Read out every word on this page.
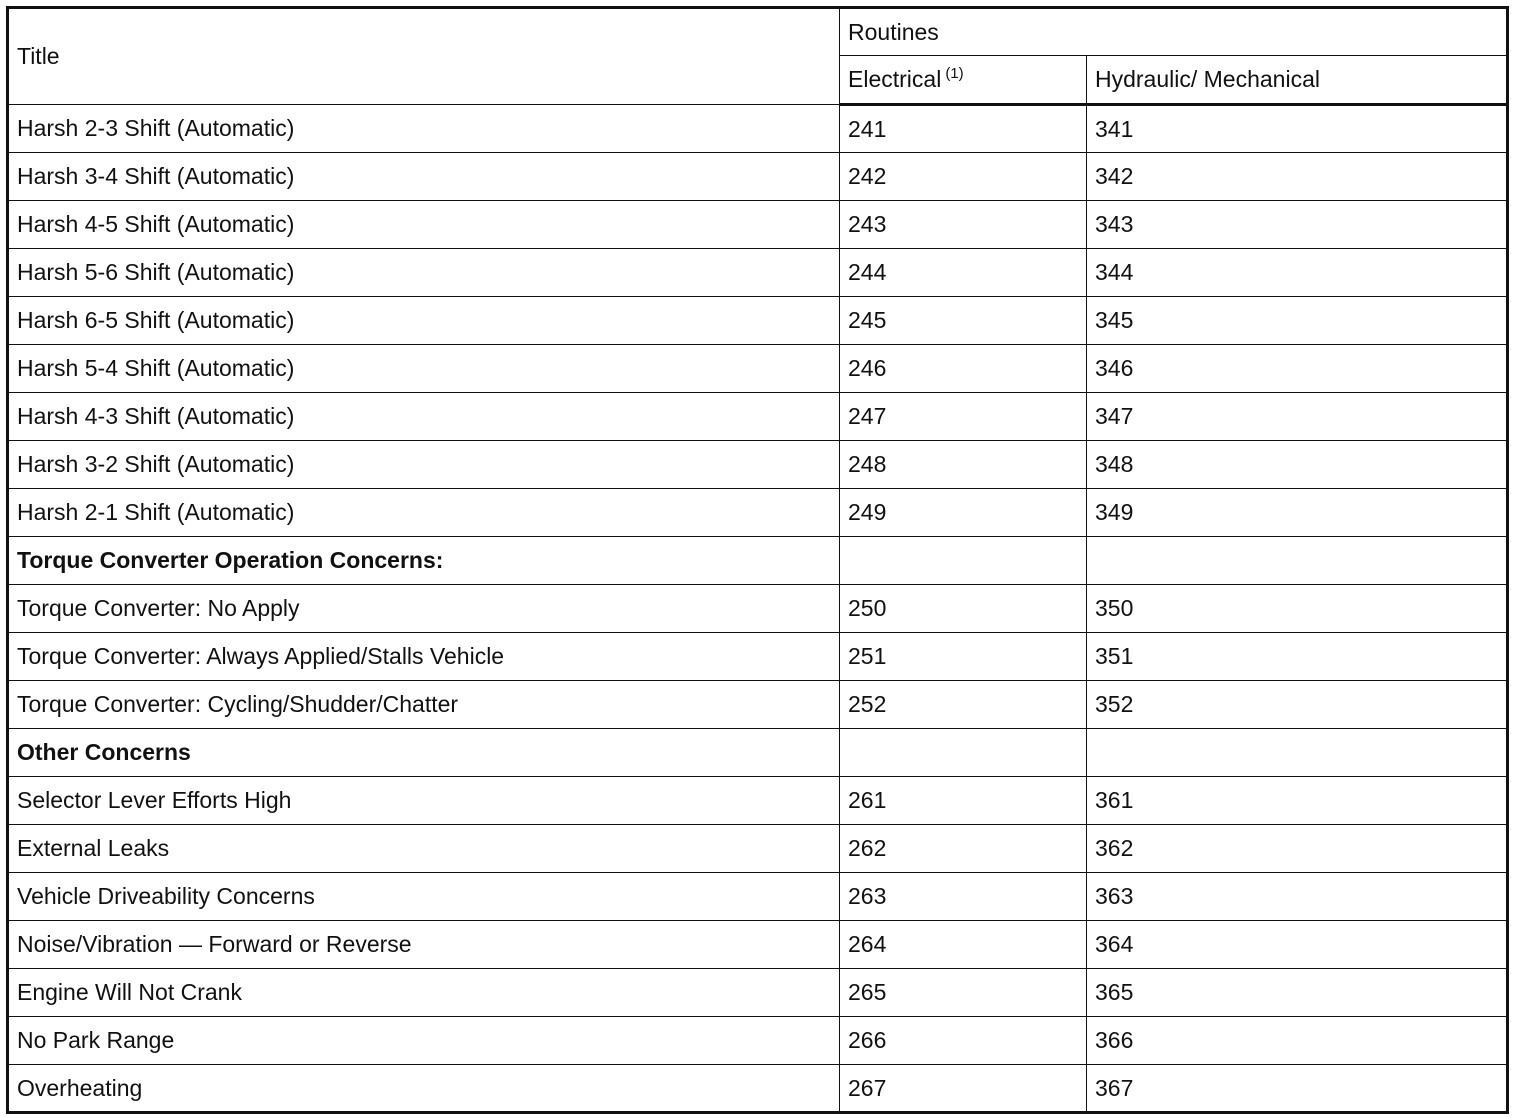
Title	Routines	
	Electrical $^{(1)}$	Hydraulic/ Mechanical
Harsh 2-3 Shift (Automatic)	241	341
Harsh 3-4 Shift (Automatic)	242	342
Harsh 4-5 Shift (Automatic)	243	343
Harsh 5-6 Shift (Automatic)	244	344
Harsh 6-5 Shift (Automatic)	245	345
Harsh 5-4 Shift (Automatic)	246	346
Harsh 4-3 Shift (Automatic)	247	347
Harsh 3-2 Shift (Automatic)	248	348
Harsh 2-1 Shift (Automatic)	249	349
Torque Converter Operation Concerns:		
Torque Converter: No Apply	250	350
Torque Converter: Always Applied/Stalls Vehicle	251	351
Torque Converter: Cycling/Shudder/Chatter	252	352
Other Concerns		
Selector Lever Efforts High	261	361
External Leaks	262	362
Vehicle Driveability Concerns	263	363
Noise/Vibration — Forward or Reverse	264	364
Engine Will Not Crank	265	365
No Park Range	266	366
Overheating	267	367
